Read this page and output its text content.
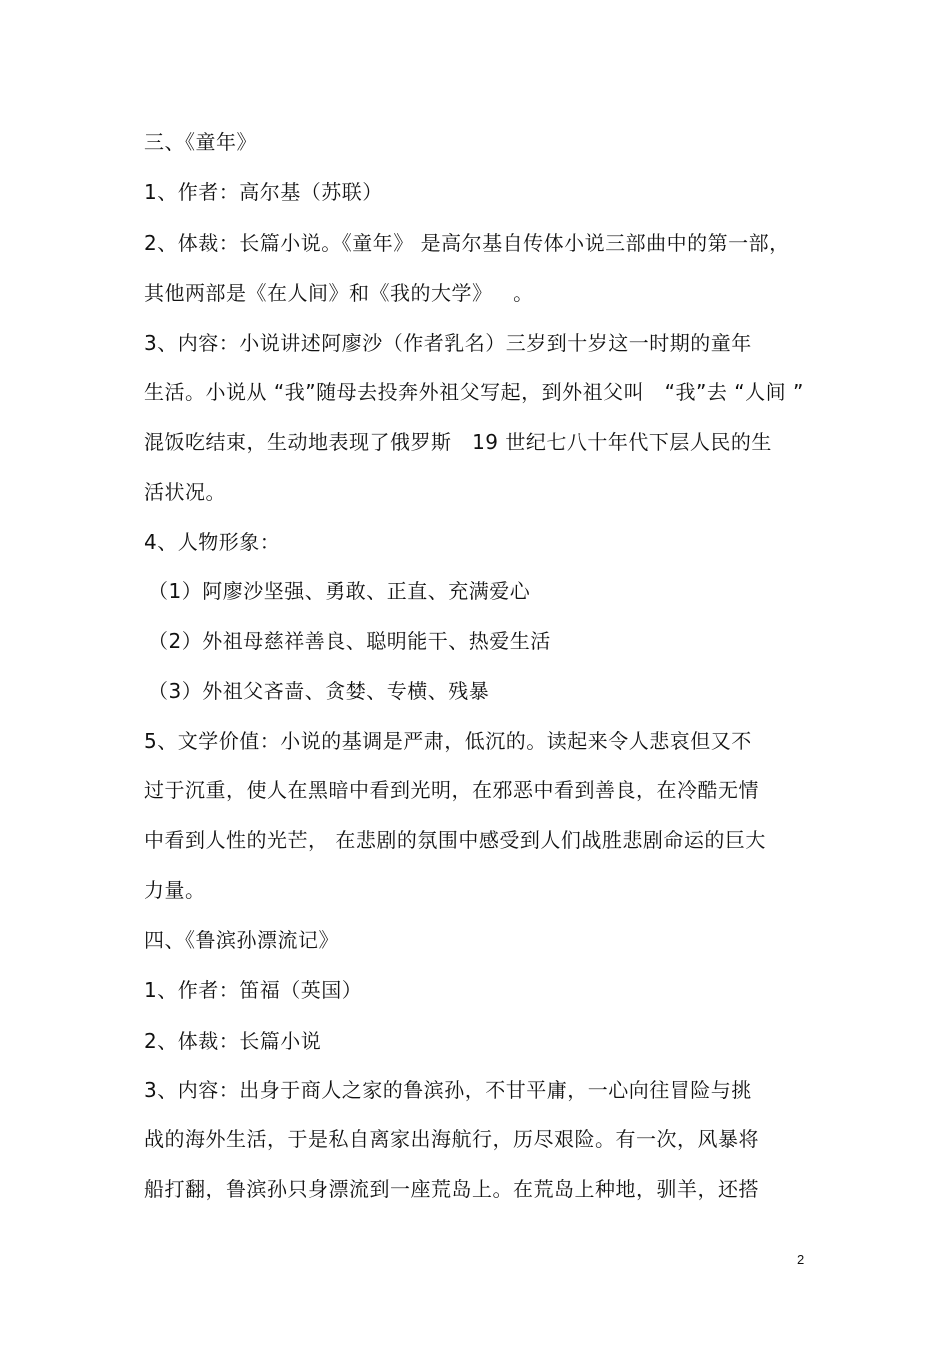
三、《童年》
1、作者：高尔基（苏联）
2、体裁：长篇小说。《童年》 是高尔基自传体小说三部曲中的第一部，
其他两部是《在人间》和《我的大学》   。
3、内容：小说讲述阿廖沙（作者乳名）三岁到十岁这一时期的童年
生活。小说从 “我”随母去投奔外祖父写起，到外祖父叫   “我”去 “人间 ”
混饭吃结束，生动地表现了俄罗斯   19 世纪七八十年代下层人民的生
活状况。
4、人物形象：
（1）阿廖沙坚强、勇敢、正直、充满爱心
（2）外祖母慈祥善良、聪明能干、热爱生活
（3）外祖父吝啬、贪婪、专横、残暴
5、文学价值：小说的基调是严肃，低沉的。读起来令人悲哀但又不
过于沉重，使人在黑暗中看到光明，在邪恶中看到善良，在冷酷无情
中看到人性的光芒， 在悲剧的氛围中感受到人们战胜悲剧命运的巨大
力量。
四、《鲁滨孙漂流记》
1、作者：笛福（英国）
2、体裁：长篇小说
3、内容：出身于商人之家的鲁滨孙，不甘平庸，一心向往冒险与挑
战的海外生活，于是私自离家出海航行，历尽艰险。有一次，风暴将
船打翻，鲁滨孙只身漂流到一座荒岛上。在荒岛上种地，驯羊，还搭
2
